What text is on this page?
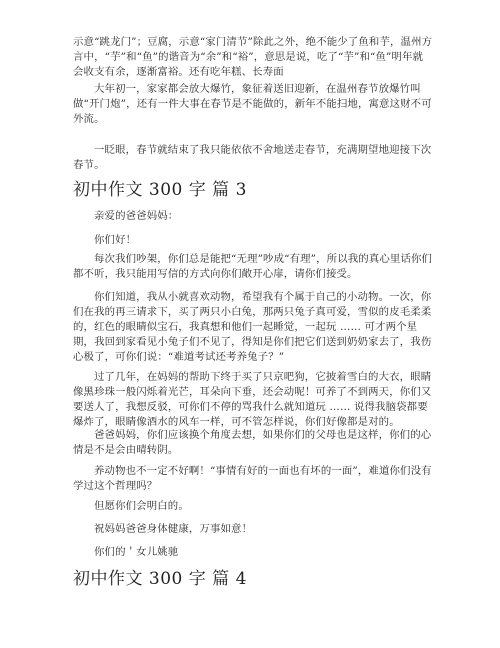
示意“跳龙门”；豆腐，示意“家门清节”除此之外，绝不能少了鱼和芋，温州方言中，“芋”和“鱼”的谐音为“余”和“裕”，意思是说，吃了“芋”和“鱼”明年就会收支有余，逐渐富裕。还有吃年糕、长寿面

大年初一，家家都会放大爆竹，象征着送旧迎新，在温州春节放爆竹叫做“开门炮”，还有一件大事在春节是不能做的，新年不能扫地，寓意这财不可外流。

一眨眼，春节就结束了我只能依依不舍地送走春节，充满期望地迎接下次春节。

初中作文 300 字 篇 3

亲爱的爸爸妈妈：

你们好！

每次我们吵架，你们总是能把“无理”吵成“有理”，所以我的真心里话你们都不听，我只能用写信的方式向你们敞开心扉，请你们接受。

你们知道，我从小就喜欢动物，希望我有个属于自己的小动物。一次，你们在我的再三请求下，买了两只小白兔，那两只兔子真可爱，雪似的皮毛柔柔的，红色的眼睛似宝石，我真想和他们一起睡觉，一起玩 …… 可才两个星期，我回到家看见小兔子们不见了，得知是你们把它们送到奶奶家去了，我伤心极了，可你们说：“难道考试还考养兔子？”

过了几年，在妈妈的帮助下终于买了只京吧狗，它披着雪白的大衣，眼睛像黑珍珠一般闪烁着光芒，耳朵向下垂，还会动呢！可养了不到两天，你们又要送人了，我想反驳，可你们不停的骂我什么就知道玩 …… 说得我脑袋都要爆炸了，眼睛像酒水的风车一样，可不管怎样说，你们好像都是对的。

爸爸妈妈，你们应该换个角度去想，如果你们的父母也是这样，你们的心情是不是会由晴转阴。

养动物也不一定不好啊！“事情有好的一面也有坏的一面”，难道你们没有学过这个哲理吗？

但愿你们会明白的。

祝妈妈爸爸身体健康，万事如意！

你们的＇女儿姚驰

初中作文 300 字 篇 4
